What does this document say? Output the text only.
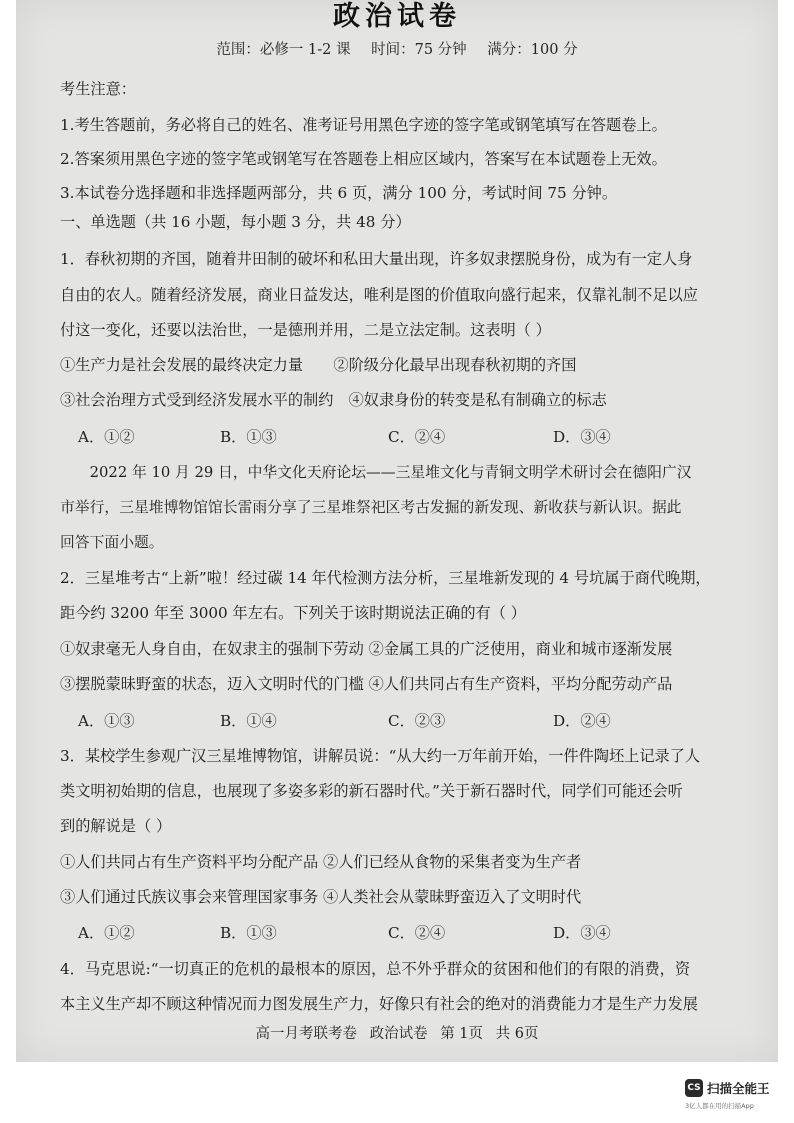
政治试卷
范围：必修一 1-2 课 时间：75 分钟 满分：100 分
考生注意：
1.考生答题前，务必将自己的姓名、准考证号用黑色字迹的签字笔或钢笔填写在答题卷上。
2.答案须用黑色字迹的签字笔或钢笔写在答题卷上相应区域内，答案写在本试题卷上无效。
3.本试卷分选择题和非选择题两部分，共 6 页，满分 100 分，考试时间 75 分钟。
一、单选题（共 16 小题，每小题 3 分，共 48 分）
1．春秋初期的齐国，随着井田制的破坏和私田大量出现，许多奴隶摆脱身份，成为有一定人身
自由的农人。随着经济发展，商业日益发达，唯利是图的价值取向盛行起来，仅靠礼制不足以应
付这一变化，还要以法治世，一是德刑并用，二是立法定制。这表明（ ）
①生产力是社会发展的最终决定力量　　②阶级分化最早出现春秋初期的齐国
③社会治理方式受到经济发展水平的制约　④奴隶身份的转变是私有制确立的标志
A．①②	B．①③	C．②④	D．③④
　　2022 年 10 月 29 日，中华文化天府论坛——三星堆文化与青铜文明学术研讨会在德阳广汉
市举行，三星堆博物馆馆长雷雨分享了三星堆祭祀区考古发掘的新发现、新收获与新认识。据此
回答下面小题。
2．三星堆考古“上新”啦！经过碳 14 年代检测方法分析，三星堆新发现的 4 号坑属于商代晚期，
距今约 3200 年至 3000 年左右。下列关于该时期说法正确的有（ ）
①奴隶毫无人身自由，在奴隶主的强制下劳动 ②金属工具的广泛使用，商业和城市逐渐发展
③摆脱蒙昧野蛮的状态，迈入文明时代的门槛 ④人们共同占有生产资料，平均分配劳动产品
A．①③	B．①④	C．②③	D．②④
3．某校学生参观广汉三星堆博物馆，讲解员说：“从大约一万年前开始，一件件陶坯上记录了人
类文明初始期的信息，也展现了多姿多彩的新石器时代。”关于新石器时代，同学们可能还会听
到的解说是（ ）
①人们共同占有生产资料平均分配产品 ②人们已经从食物的采集者变为生产者
③人们通过氏族议事会来管理国家事务 ④人类社会从蒙昧野蛮迈入了文明时代
A．①②	B．①③	C．②④	D．③④
4．马克思说:“一切真正的危机的最根本的原因，总不外乎群众的贫困和他们的有限的消费，资
本主义生产却不顾这种情况而力图发展生产力，好像只有社会的绝对的消费能力才是生产力发展
高一月考联考卷 政治试卷 第 1页 共 6页
CS 扫描全能王
3亿人都在用的扫描App
